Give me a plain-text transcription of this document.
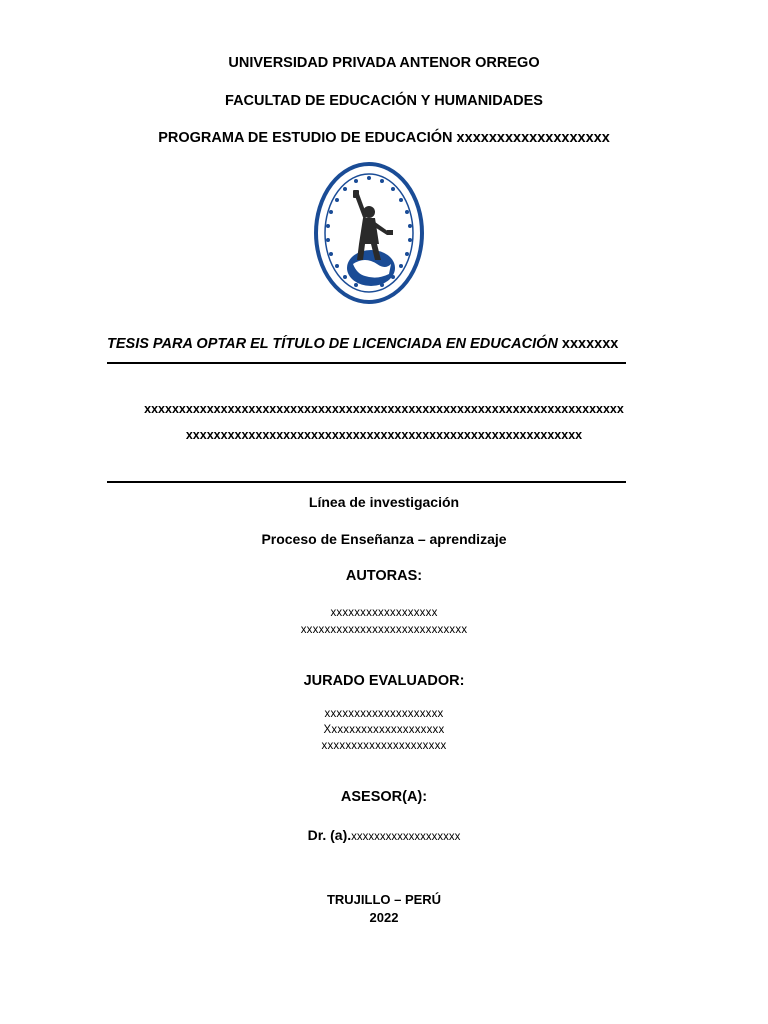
UNIVERSIDAD PRIVADA ANTENOR ORREGO
FACULTAD DE EDUCACIÓN Y HUMANIDADES
PROGRAMA DE ESTUDIO DE EDUCACIÓN xxxxxxxxxxxxxxxxxxx
TESIS PARA OPTAR EL TÍTULO DE LICENCIADA EN EDUCACIÓN xxxxxxx
xxxxxxxxxxxxxxxxxxxxxxxxxxxxxxxxxxxxxxxxxxxxxxxxxxxxxxxxxxxxxxxxxxxxx
xxxxxxxxxxxxxxxxxxxxxxxxxxxxxxxxxxxxxxxxxxxxxxxxxxxxxxxxx
Línea de investigación
Proceso de Enseñanza – aprendizaje
AUTORAS:
xxxxxxxxxxxxxxxxxx
xxxxxxxxxxxxxxxxxxxxxxxxxxxx
JURADO EVALUADOR:
xxxxxxxxxxxxxxxxxxxx
Xxxxxxxxxxxxxxxxxxxx
xxxxxxxxxxxxxxxxxxxxx
ASESOR(A):
Dr. (a).xxxxxxxxxxxxxxxxxxx
TRUJILLO – PERÚ
2022
